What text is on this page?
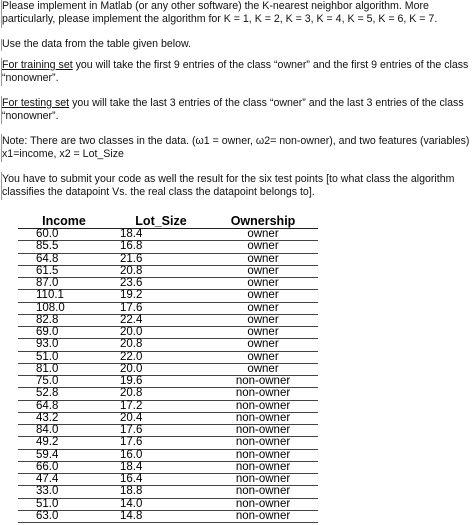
Please implement in Matlab (or any other software) the K-nearest neighbor algorithm. More particularly, please implement the algorithm for K = 1, K = 2, K = 3, K = 4, K = 5, K = 6, K = 7.

Use the data from the table given below.

For training set you will take the first 9 entries of the class “owner” and the first 9 entries of the class “nonowner”.

For testing set you will take the last 3 entries of the class “owner” and the last 3 entries of the class “nonowner”.

Note: There are two classes in the data. (ω1 = owner, ω2= non-owner), and two features (variables) x1=income, x2 = Lot_Size

You have to submit your code as well the result for the six test points [to what class the algorithm classifies the datapoint Vs. the real class the datapoint belongs to].

Income	Lot_Size	Ownership
60.0	18.4	owner
85.5	16.8	owner
64.8	21.6	owner
61.5	20.8	owner
87.0	23.6	owner
110.1	19.2	owner
108.0	17.6	owner
82.8	22.4	owner
69.0	20.0	owner
93.0	20.8	owner
51.0	22.0	owner
81.0	20.0	owner
75.0	19.6	non-owner
52.8	20.8	non-owner
64.8	17.2	non-owner
43.2	20.4	non-owner
84.0	17.6	non-owner
49.2	17.6	non-owner
59.4	16.0	non-owner
66.0	18.4	non-owner
47.4	16.4	non-owner
33.0	18.8	non-owner
51.0	14.0	non-owner
63.0	14.8	non-owner
